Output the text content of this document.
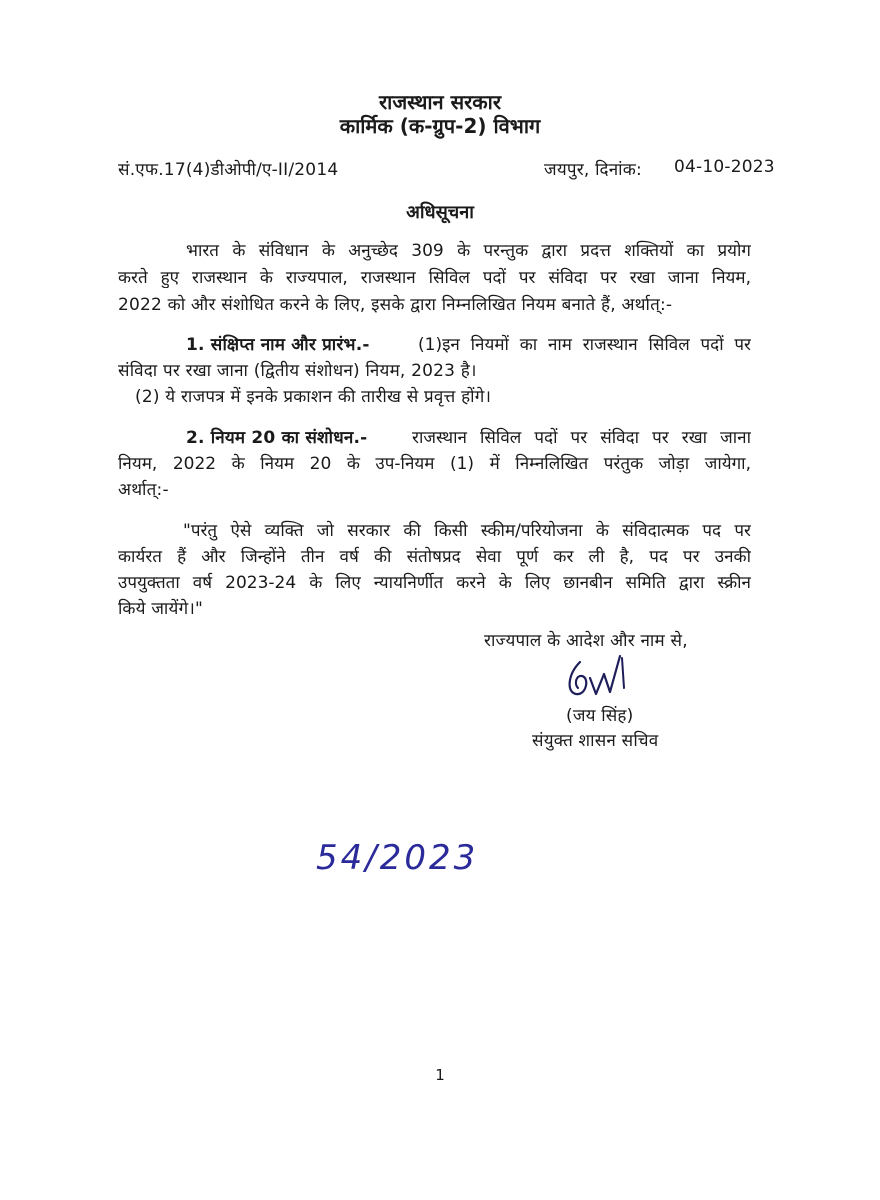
राजस्थान सरकार
कार्मिक (क-ग्रुप-2) विभाग
सं.एफ.17(4)डीओपी/ए-II/2014	जयपुर, दिनांक: 04-10-2023
अधिसूचना
भारत के संविधान के अनुच्छेद 309 के परन्तुक द्वारा प्रदत्त शक्तियों का प्रयोग
करते हुए राजस्थान के राज्यपाल, राजस्थान सिविल पदों पर संविदा पर रखा जाना नियम,
2022 को और संशोधित करने के लिए, इसके द्वारा निम्नलिखित नियम बनाते हैं, अर्थात्:-
1. संक्षिप्त नाम और प्रारंभ.-	(1)इन नियमों का नाम राजस्थान सिविल पदों पर
संविदा पर रखा जाना (द्वितीय संशोधन) नियम, 2023 है।
(2) ये राजपत्र में इनके प्रकाशन की तारीख से प्रवृत्त होंगे।
2. नियम 20 का संशोधन.-	राजस्थान सिविल पदों पर संविदा पर रखा जाना
नियम, 2022 के नियम 20 के उप-नियम (1) में निम्नलिखित परंतुक जोड़ा जायेगा,
अर्थात्:-
"परंतु ऐसे व्यक्ति जो सरकार की किसी स्कीम/परियोजना के संविदात्मक पद पर
कार्यरत हैं और जिन्होंने तीन वर्ष की संतोषप्रद सेवा पूर्ण कर ली है, पद पर उनकी
उपयुक्तता वर्ष 2023-24 के लिए न्यायनिर्णीत करने के लिए छानबीन समिति द्वारा स्क्रीन
किये जायेंगे।"
राज्यपाल के आदेश और नाम से,
(जय सिंह)
संयुक्त शासन सचिव
54/2023
1
